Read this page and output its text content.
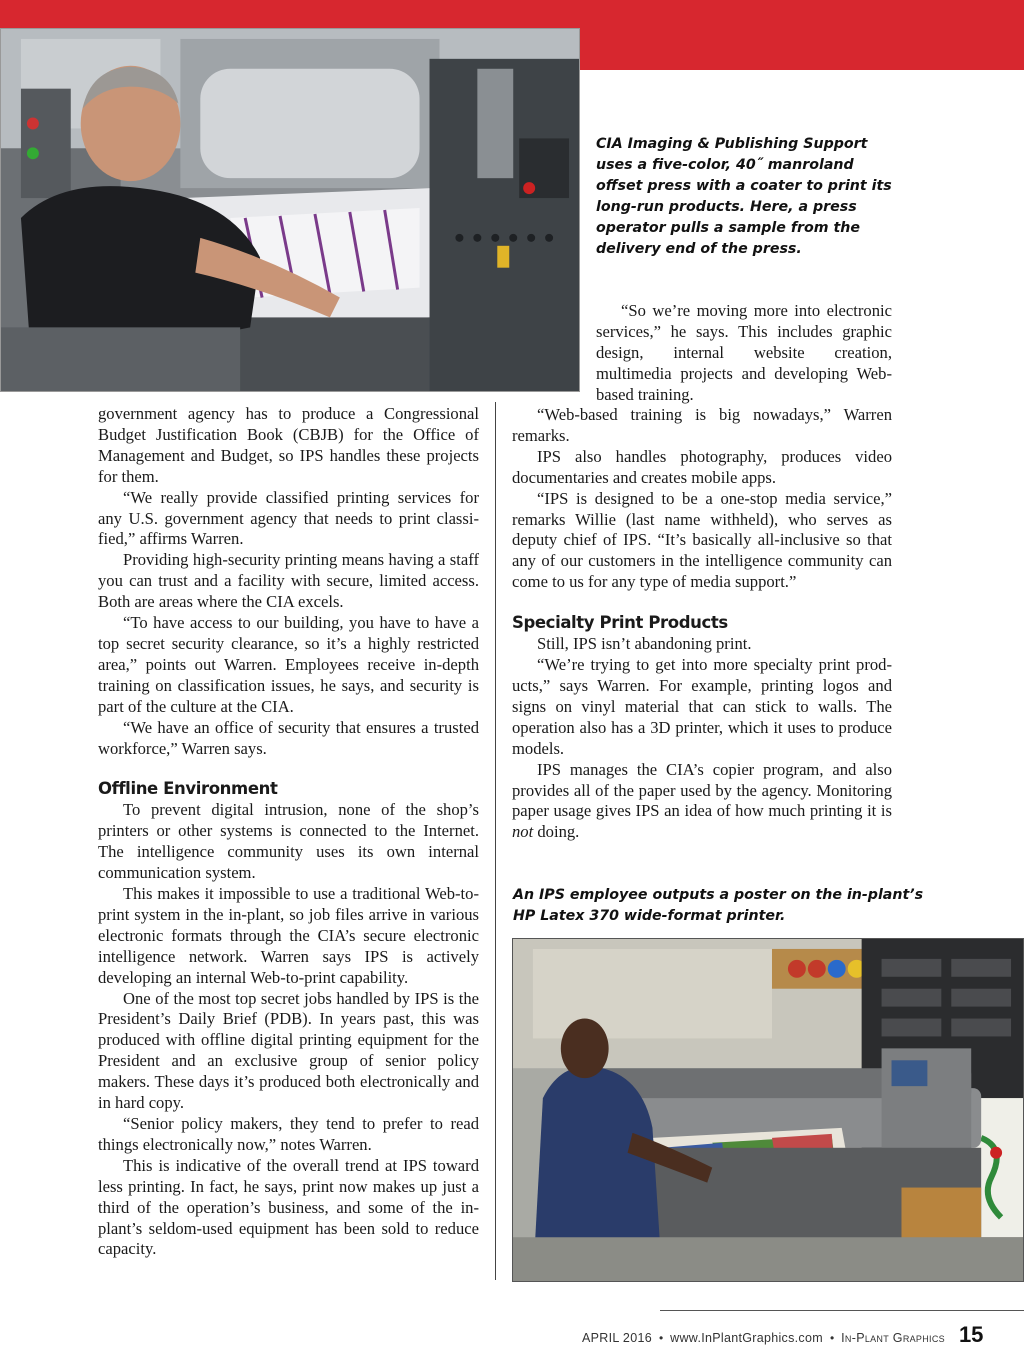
CIA Imaging & Publishing Support uses a five-color, 40˝ manroland offset press with a coater to print its long-run products. Here, a press operator pulls a sample from the delivery end of the press.

“So we’re moving more into electronic services,” he says. This includes graphic design, internal website creation, multimedia projects and developing Web-based training.

government agency has to produce a Congressional Budget Justification Book (CBJB) for the Office of Management and Budget, so IPS handles these projects for them.

“We really provide classified printing services for any U.S. government agency that needs to print classified,” affirms Warren.

Providing high-security printing means having a staff you can trust and a facility with secure, limited access. Both are areas where the CIA excels.

“To have access to our building, you have to have a top secret security clearance, so it’s a highly restricted area,” points out Warren. Employees receive in-depth training on classification issues, he says, and security is part of the culture at the CIA.

“We have an office of security that ensures a trusted workforce,” Warren says.

Offline Environment

To prevent digital intrusion, none of the shop’s printers or other systems is connected to the Internet. The intelligence community uses its own internal communication system.

This makes it impossible to use a traditional Web-to-print system in the in-plant, so job files arrive in various electronic formats through the CIA’s secure electronic intelligence network. Warren says IPS is actively developing an internal Web-to-print capability.

One of the most top secret jobs handled by IPS is the President’s Daily Brief (PDB). In years past, this was produced with offline digital printing equipment for the President and an exclusive group of senior policy makers. These days it’s produced both electronically and in hard copy.

“Senior policy makers, they tend to prefer to read things electronically now,” notes Warren.

This is indicative of the overall trend at IPS toward less printing. In fact, he says, print now makes up just a third of the operation’s business, and some of the in-plant’s seldom-used equipment has been sold to reduce capacity.

“Web-based training is big nowadays,” Warren remarks.

IPS also handles photography, produces video documentaries and creates mobile apps.

“IPS is designed to be a one-stop media service,” remarks Willie (last name withheld), who serves as deputy chief of IPS. “It’s basically all-inclusive so that any of our customers in the intelligence community can come to us for any type of media support.”

Specialty Print Products

Still, IPS isn’t abandoning print.

“We’re trying to get into more specialty print products,” says Warren. For example, printing logos and signs on vinyl material that can stick to walls. The operation also has a 3D printer, which it uses to produce models.

IPS manages the CIA’s copier program, and also provides all of the paper used by the agency. Monitoring paper usage gives IPS an idea of how much printing it is not doing.

An IPS employee outputs a poster on the in-plant’s
HP Latex 370 wide-format printer.
APRIL 2016 • www.InPlantGraphics.com • In-Plant Graphics 15
